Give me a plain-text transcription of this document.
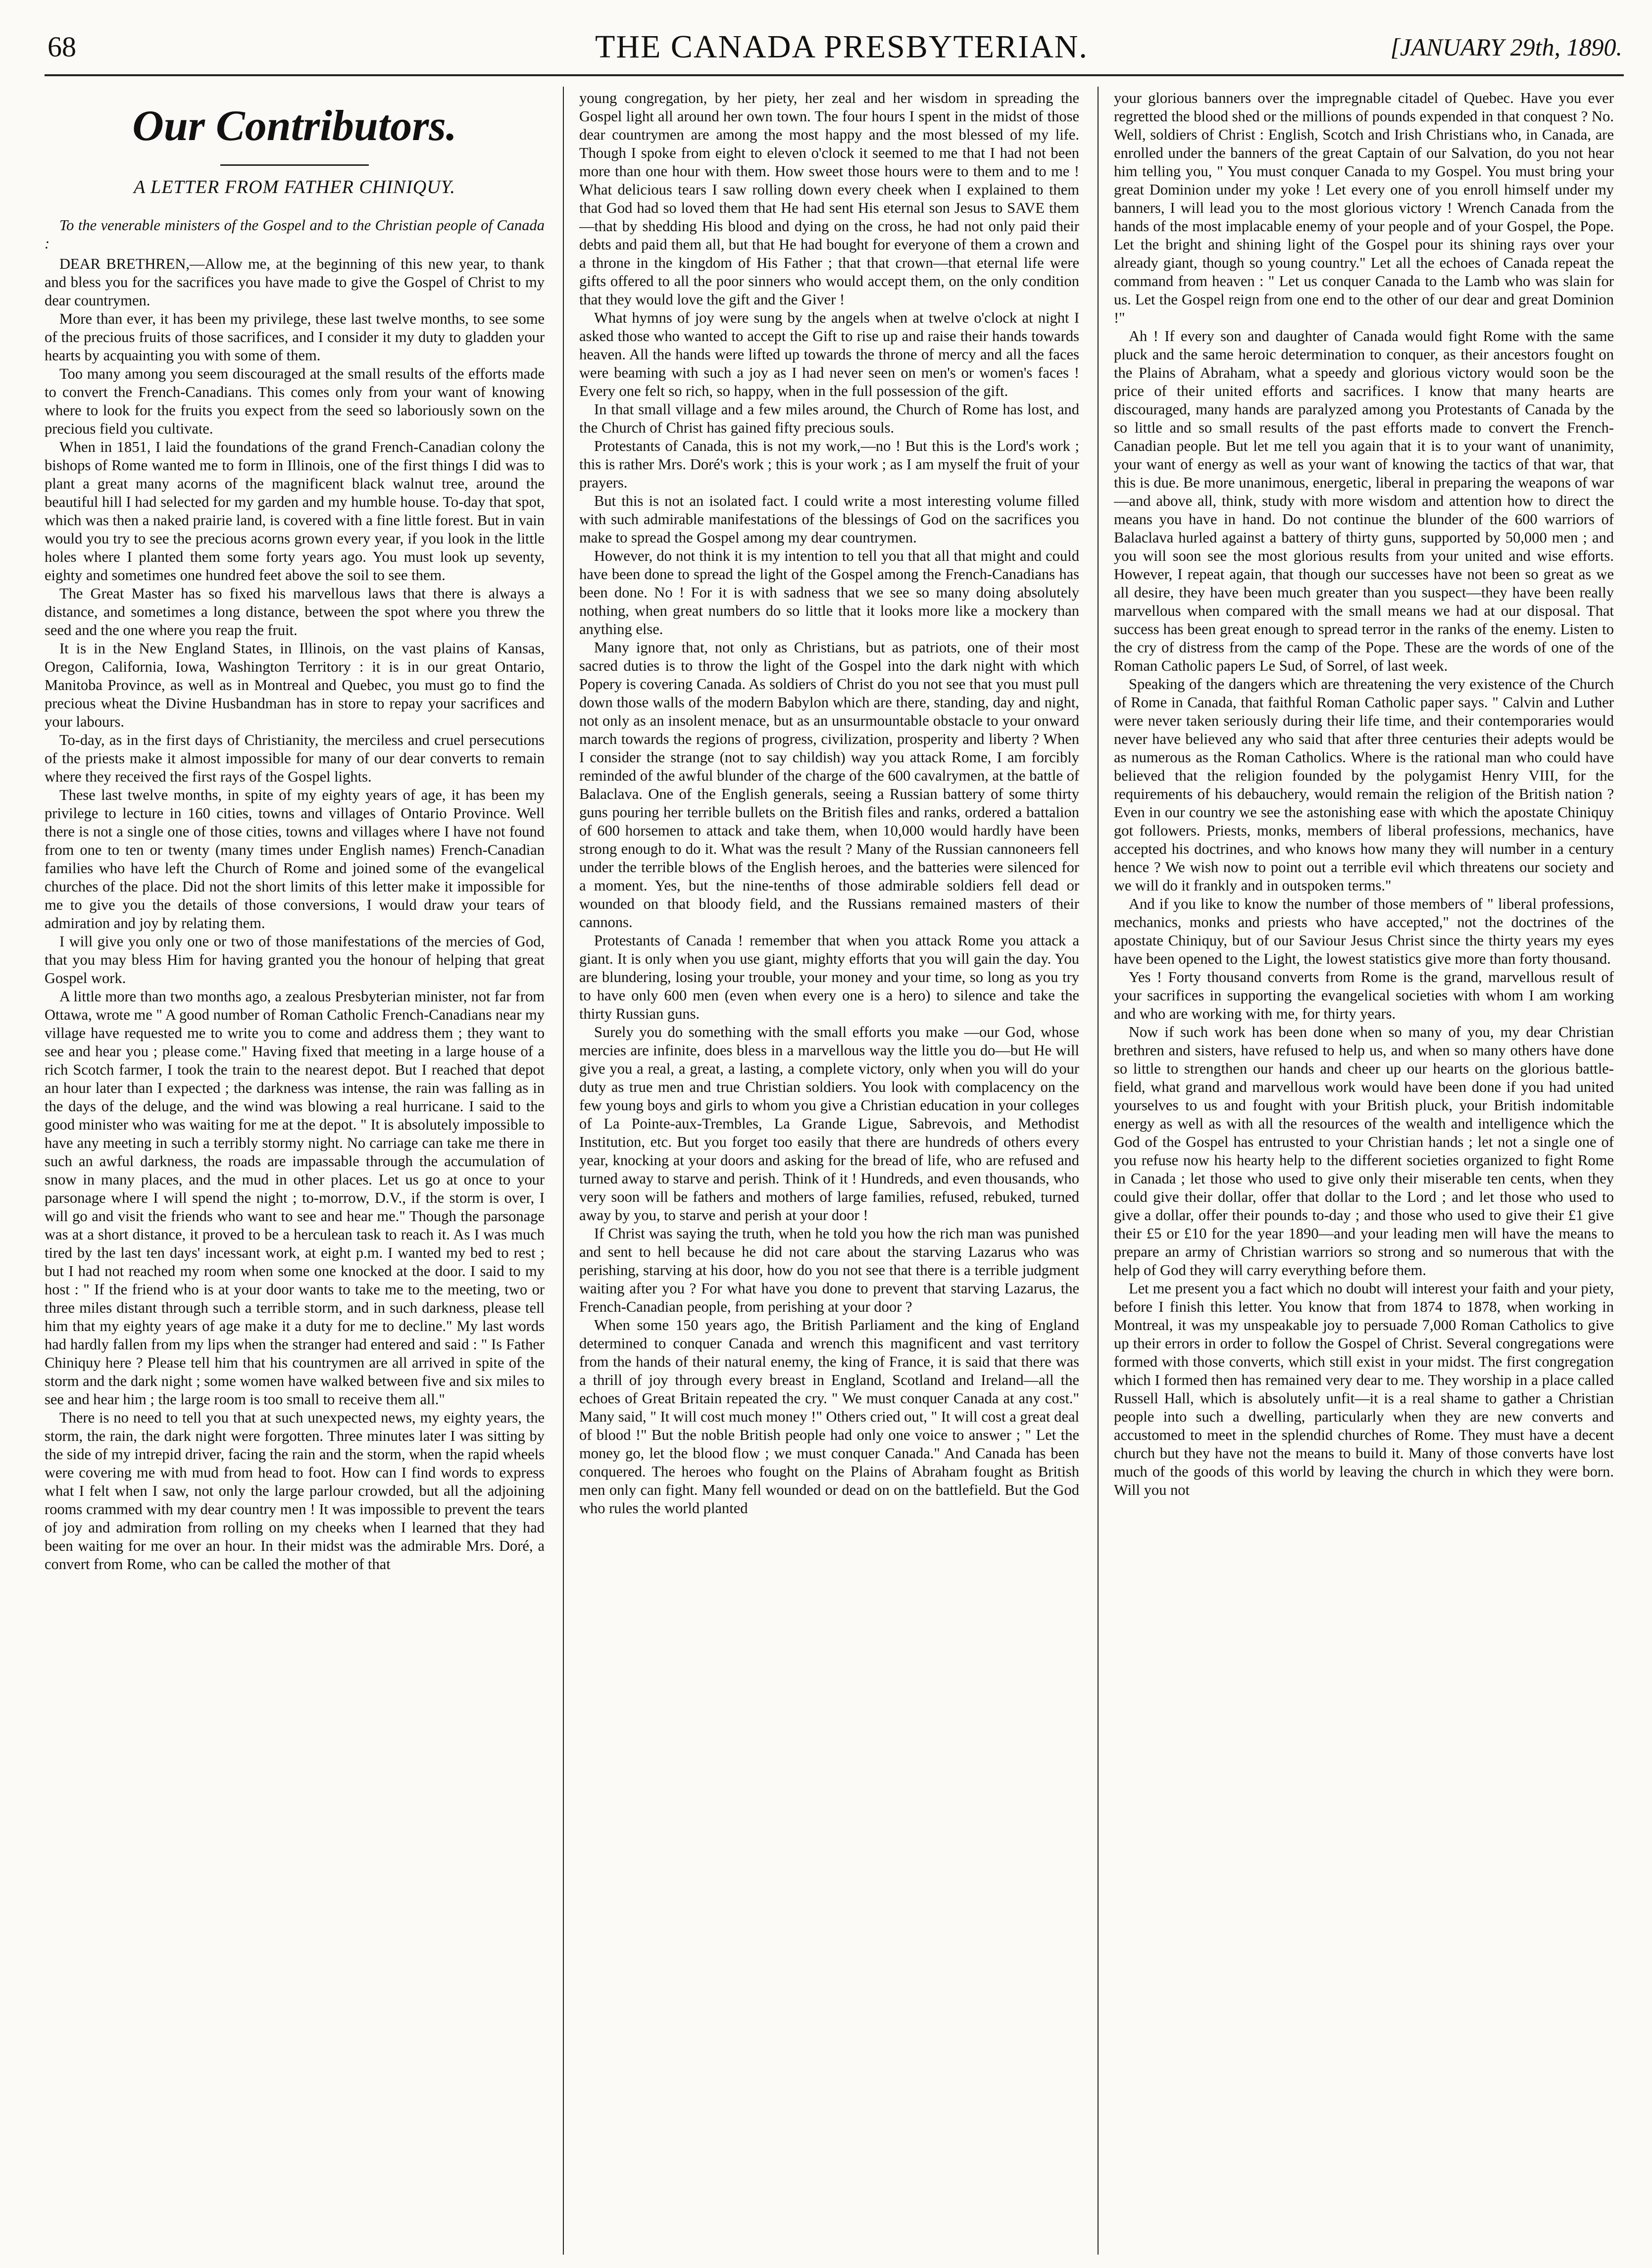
68	THE CANADA PRESBYTERIAN.	[JANUARY 29th, 1890.
Our Contributors.
A LETTER FROM FATHER CHINIQUY.

To the venerable ministers of the Gospel and to the Christian people of Canada :

DEAR BRETHREN,—Allow me, at the beginning of this new year, to thank and bless you for the sacrifices you have made to give the Gospel of Christ to my dear countrymen.

More than ever, it has been my privilege, these last twelve months, to see some of the precious fruits of those sacrifices, and I consider it my duty to gladden your hearts by acquainting you with some of them.

Too many among you seem discouraged at the small results of the efforts made to convert the French-Canadians. This comes only from your want of knowing where to look for the fruits you expect from the seed so laboriously sown on the precious field you cultivate.

When in 1851, I laid the foundations of the grand French-Canadian colony the bishops of Rome wanted me to form in Illinois, one of the first things I did was to plant a great many acorns of the magnificent black walnut tree, around the beautiful hill I had selected for my garden and my humble house. To-day that spot, which was then a naked prairie land, is covered with a fine little forest. But in vain would you try to see the precious acorns grown every year, if you look in the little holes where I planted them some forty years ago. You must look up seventy, eighty and sometimes one hundred feet above the soil to see them.

The Great Master has so fixed his marvellous laws that there is always a distance, and sometimes a long distance, between the spot where you threw the seed and the one where you reap the fruit.

It is in the New England States, in Illinois, on the vast plains of Kansas, Oregon, California, Iowa, Washington Territory : it is in our great Ontario, Manitoba Province, as well as in Montreal and Quebec, you must go to find the precious wheat the Divine Husbandman has in store to repay your sacrifices and your labours.

To-day, as in the first days of Christianity, the merciless and cruel persecutions of the priests make it almost impossible for many of our dear converts to remain where they received the first rays of the Gospel lights.

These last twelve months, in spite of my eighty years of age, it has been my privilege to lecture in 160 cities, towns and villages of Ontario Province. Well there is not a single one of those cities, towns and villages where I have not found from one to ten or twenty (many times under English names) French-Canadian families who have left the Church of Rome and joined some of the evangelical churches of the place. Did not the short limits of this letter make it impossible for me to give you the details of those conversions, I would draw your tears of admiration and joy by relating them.

I will give you only one or two of those manifestations of the mercies of God, that you may bless Him for having granted you the honour of helping that great Gospel work.

A little more than two months ago, a zealous Presbyterian minister, not far from Ottawa, wrote me " A good number of Roman Catholic French-Canadians near my village have requested me to write you to come and address them ; they want to see and hear you ; please come." Having fixed that meeting in a large house of a rich Scotch farmer, I took the train to the nearest depot. But I reached that depot an hour later than I expected ; the darkness was intense, the rain was falling as in the days of the deluge, and the wind was blowing a real hurricane. I said to the good minister who was waiting for me at the depot. " It is absolutely impossible to have any meeting in such a terribly stormy night. No carriage can take me there in such an awful darkness, the roads are impassable through the accumulation of snow in many places, and the mud in other places. Let us go at once to your parsonage where I will spend the night ; to-morrow, D.V., if the storm is over, I will go and visit the friends who want to see and hear me." Though the parsonage was at a short distance, it proved to be a herculean task to reach it. As I was much tired by the last ten days' incessant work, at eight p.m. I wanted my bed to rest ; but I had not reached my room when some one knocked at the door. I said to my host : " If the friend who is at your door wants to take me to the meeting, two or three miles distant through such a terrible storm, and in such darkness, please tell him that my eighty years of age make it a duty for me to decline." My last words had hardly fallen from my lips when the stranger had entered and said : " Is Father Chiniquy here ? Please tell him that his countrymen are all arrived in spite of the storm and the dark night ; some women have walked between five and six miles to see and hear him ; the large room is too small to receive them all."

There is no need to tell you that at such unexpected news, my eighty years, the storm, the rain, the dark night were forgotten. Three minutes later I was sitting by the side of my intrepid driver, facing the rain and the storm, when the rapid wheels were covering me with mud from head to foot. How can I find words to express what I felt when I saw, not only the large parlour crowded, but all the adjoining rooms crammed with my dear country men ! It was impossible to prevent the tears of joy and admiration from rolling on my cheeks when I learned that they had been waiting for me over an hour. In their midst was the admirable Mrs. Doré, a convert from Rome, who can be called the mother of that

young congregation, by her piety, her zeal and her wisdom in spreading the Gospel light all around her own town. The four hours I spent in the midst of those dear countrymen are among the most happy and the most blessed of my life. Though I spoke from eight to eleven o'clock it seemed to me that I had not been more than one hour with them. How sweet those hours were to them and to me ! What delicious tears I saw rolling down every cheek when I explained to them that God had so loved them that He had sent His eternal son Jesus to SAVE them—that by shedding His blood and dying on the cross, he had not only paid their debts and paid them all, but that He had bought for everyone of them a crown and a throne in the kingdom of His Father ; that that crown—that eternal life were gifts offered to all the poor sinners who would accept them, on the only condition that they would love the gift and the Giver !

What hymns of joy were sung by the angels when at twelve o'clock at night I asked those who wanted to accept the Gift to rise up and raise their hands towards heaven. All the hands were lifted up towards the throne of mercy and all the faces were beaming with such a joy as I had never seen on men's or women's faces ! Every one felt so rich, so happy, when in the full possession of the gift.

In that small village and a few miles around, the Church of Rome has lost, and the Church of Christ has gained fifty precious souls.

Protestants of Canada, this is not my work,—no ! But this is the Lord's work ; this is rather Mrs. Doré's work ; this is your work ; as I am myself the fruit of your prayers.

But this is not an isolated fact. I could write a most interesting volume filled with such admirable manifestations of the blessings of God on the sacrifices you make to spread the Gospel among my dear countrymen.

However, do not think it is my intention to tell you that all that might and could have been done to spread the light of the Gospel among the French-Canadians has been done. No ! For it is with sadness that we see so many doing absolutely nothing, when great numbers do so little that it looks more like a mockery than anything else.

Many ignore that, not only as Christians, but as patriots, one of their most sacred duties is to throw the light of the Gospel into the dark night with which Popery is covering Canada. As soldiers of Christ do you not see that you must pull down those walls of the modern Babylon which are there, standing, day and night, not only as an insolent menace, but as an unsurmountable obstacle to your onward march towards the regions of progress, civilization, prosperity and liberty ? When I consider the strange (not to say childish) way you attack Rome, I am forcibly reminded of the awful blunder of the charge of the 600 cavalrymen, at the battle of Balaclava. One of the English generals, seeing a Russian battery of some thirty guns pouring her terrible bullets on the British files and ranks, ordered a battalion of 600 horsemen to attack and take them, when 10,000 would hardly have been strong enough to do it. What was the result ? Many of the Russian cannoneers fell under the terrible blows of the English heroes, and the batteries were silenced for a moment. Yes, but the nine-tenths of those admirable soldiers fell dead or wounded on that bloody field, and the Russians remained masters of their cannons.

Protestants of Canada ! remember that when you attack Rome you attack a giant. It is only when you use giant, mighty efforts that you will gain the day. You are blundering, losing your trouble, your money and your time, so long as you try to have only 600 men (even when every one is a hero) to silence and take the thirty Russian guns.

Surely you do something with the small efforts you make —our God, whose mercies are infinite, does bless in a marvellous way the little you do—but He will give you a real, a great, a lasting, a complete victory, only when you will do your duty as true men and true Christian soldiers. You look with complacency on the few young boys and girls to whom you give a Christian education in your colleges of La Pointe-aux-Trembles, La Grande Ligue, Sabrevois, and Methodist Institution, etc. But you forget too easily that there are hundreds of others every year, knocking at your doors and asking for the bread of life, who are refused and turned away to starve and perish. Think of it ! Hundreds, and even thousands, who very soon will be fathers and mothers of large families, refused, rebuked, turned away by you, to starve and perish at your door !

If Christ was saying the truth, when he told you how the rich man was punished and sent to hell because he did not care about the starving Lazarus who was perishing, starving at his door, how do you not see that there is a terrible judgment waiting after you ? For what have you done to prevent that starving Lazarus, the French-Canadian people, from perishing at your door ?

When some 150 years ago, the British Parliament and the king of England determined to conquer Canada and wrench this magnificent and vast territory from the hands of their natural enemy, the king of France, it is said that there was a thrill of joy through every breast in England, Scotland and Ireland—all the echoes of Great Britain repeated the cry. " We must conquer Canada at any cost." Many said, " It will cost much money !" Others cried out, " It will cost a great deal of blood !" But the noble British people had only one voice to answer ; " Let the money go, let the blood flow ; we must conquer Canada." And Canada has been conquered. The heroes who fought on the Plains of Abraham fought as British men only can fight. Many fell wounded or dead on on the battlefield. But the God who rules the world planted

your glorious banners over the impregnable citadel of Quebec. Have you ever regretted the blood shed or the millions of pounds expended in that conquest ? No. Well, soldiers of Christ : English, Scotch and Irish Christians who, in Canada, are enrolled under the banners of the great Captain of our Salvation, do you not hear him telling you, " You must conquer Canada to my Gospel. You must bring your great Dominion under my yoke ! Let every one of you enroll himself under my banners, I will lead you to the most glorious victory ! Wrench Canada from the hands of the most implacable enemy of your people and of your Gospel, the Pope. Let the bright and shining light of the Gospel pour its shining rays over your already giant, though so young country." Let all the echoes of Canada repeat the command from heaven : " Let us conquer Canada to the Lamb who was slain for us. Let the Gospel reign from one end to the other of our dear and great Dominion !"

Ah ! If every son and daughter of Canada would fight Rome with the same pluck and the same heroic determination to conquer, as their ancestors fought on the Plains of Abraham, what a speedy and glorious victory would soon be the price of their united efforts and sacrifices. I know that many hearts are discouraged, many hands are paralyzed among you Protestants of Canada by the so little and so small results of the past efforts made to convert the French-Canadian people. But let me tell you again that it is to your want of unanimity, your want of energy as well as your want of knowing the tactics of that war, that this is due. Be more unanimous, energetic, liberal in preparing the weapons of war—and above all, think, study with more wisdom and attention how to direct the means you have in hand. Do not continue the blunder of the 600 warriors of Balaclava hurled against a battery of thirty guns, supported by 50,000 men ; and you will soon see the most glorious results from your united and wise efforts. However, I repeat again, that though our successes have not been so great as we all desire, they have been much greater than you suspect—they have been really marvellous when compared with the small means we had at our disposal. That success has been great enough to spread terror in the ranks of the enemy. Listen to the cry of distress from the camp of the Pope. These are the words of one of the Roman Catholic papers Le Sud, of Sorrel, of last week.

Speaking of the dangers which are threatening the very existence of the Church of Rome in Canada, that faithful Roman Catholic paper says. " Calvin and Luther were never taken seriously during their life time, and their contemporaries would never have believed any who said that after three centuries their adepts would be as numerous as the Roman Catholics. Where is the rational man who could have believed that the religion founded by the polygamist Henry VIII, for the requirements of his debauchery, would remain the religion of the British nation ? Even in our country we see the astonishing ease with which the apostate Chiniquy got followers. Priests, monks, members of liberal professions, mechanics, have accepted his doctrines, and who knows how many they will number in a century hence ? We wish now to point out a terrible evil which threatens our society and we will do it frankly and in outspoken terms."

And if you like to know the number of those members of " liberal professions, mechanics, monks and priests who have accepted," not the doctrines of the apostate Chiniquy, but of our Saviour Jesus Christ since the thirty years my eyes have been opened to the Light, the lowest statistics give more than forty thousand.

Yes ! Forty thousand converts from Rome is the grand, marvellous result of your sacrifices in supporting the evangelical societies with whom I am working and who are working with me, for thirty years.

Now if such work has been done when so many of you, my dear Christian brethren and sisters, have refused to help us, and when so many others have done so little to strengthen our hands and cheer up our hearts on the glorious battle-field, what grand and marvellous work would have been done if you had united yourselves to us and fought with your British pluck, your British indomitable energy as well as with all the resources of the wealth and intelligence which the God of the Gospel has entrusted to your Christian hands ; let not a single one of you refuse now his hearty help to the different societies organized to fight Rome in Canada ; let those who used to give only their miserable ten cents, when they could give their dollar, offer that dollar to the Lord ; and let those who used to give a dollar, offer their pounds to-day ; and those who used to give their £1 give their £5 or £10 for the year 1890—and your leading men will have the means to prepare an army of Christian warriors so strong and so numerous that with the help of God they will carry everything before them.

Let me present you a fact which no doubt will interest your faith and your piety, before I finish this letter. You know that from 1874 to 1878, when working in Montreal, it was my unspeakable joy to persuade 7,000 Roman Catholics to give up their errors in order to follow the Gospel of Christ. Several congregations were formed with those converts, which still exist in your midst. The first congregation which I formed then has remained very dear to me. They worship in a place called Russell Hall, which is absolutely unfit—it is a real shame to gather a Christian people into such a dwelling, particularly when they are new converts and accustomed to meet in the splendid churches of Rome. They must have a decent church but they have not the means to build it. Many of those converts have lost much of the goods of this world by leaving the church in which they were born. Will you not
